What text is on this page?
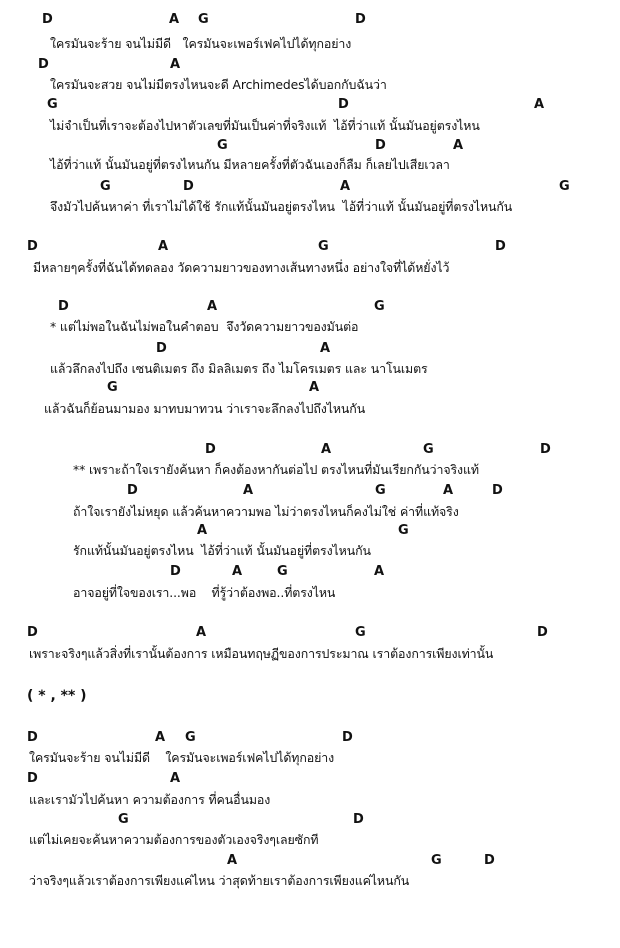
D

	A

G

	D

ใครมันจะร้าย จนไม่มีดี   ใครมันจะเพอร์เฟคไปได้ทุกอย่าง

D

	A

ใครมันจะสวย จนไม่มีตรงไหนจะดี Archimedesได้บอกกับฉันว่า

G

	D

	A

ไม่จำเป็นที่เราจะต้องไปหาตัวเลขที่มันเป็นค่าที่จริงแท้  ไอ้ที่ว่าแท้ นั้นมันอยู่ตรงไหน

G

	D

	A

ไอ้ที่ว่าแท้ นั้นมันอยู่ที่ตรงไหนกัน มีหลายครั้งที่ตัวฉันเองก็ลืม ก็เลยไปเสียเวลา

G

	D

	A

	G

จึงมัวไปค้นหาค่า ที่เราไม่ได้ใช้ รักแท้นั้นมันอยู่ตรงไหน  ไอ้ที่ว่าแท้ นั้นมันอยู่ที่ตรงไหนกัน

D

	A

	G

	D

มีหลายๆครั้งที่ฉันได้ทดลอง วัดความยาวของทางเส้นทางหนึ่ง อย่างใจที่ได้หยั่งไว้

D

	A

	G

* แต่ไม่พอในฉันไม่พอในคำตอบ  จึงวัดความยาวของมันต่อ

D

	A

แล้วลึกลงไปถึง เซนติเมตร ถึง มิลลิเมตร ถึง ไมโครเมตร และ นาโนเมตร

G

	A

แล้วฉันก็ย้อนมามอง มาทบมาทวน ว่าเราจะลึกลงไปถึงไหนกัน

D

	A

	G

	D

** เพราะถ้าใจเรายังค้นหา ก็คงต้องหากันต่อไป ตรงไหนที่มันเรียกกันว่าจริงแท้

D

	A

	G

	A

	D

ถ้าใจเรายังไม่หยุด แล้วค้นหาความพอ ไม่ว่าตรงไหนก็คงไม่ใช่ ค่าที่แท้จริง

A

	G

รักแท้นั้นมันอยู่ตรงไหน  ไอ้ที่ว่าแท้ นั้นมันอยู่ที่ตรงไหนกัน

D

	A

	G

	A

อาจอยู่ที่ใจของเรา...พอ    ที่รู้ว่าต้องพอ..ที่ตรงไหน

D

	A

	G

	D

เพราะจริงๆแล้วสิ่งที่เรานั้นต้องการ เหมือนทฤษฏีของการประมาณ เราต้องการเพียงเท่านั้น

( * , ** )

D

	A

G

	D

ใครมันจะร้าย จนไม่มีดี    ใครมันจะเพอร์เฟคไปได้ทุกอย่าง

D

	A

และเรามัวไปค้นหา ความต้องการ ที่คนอื่นมอง

G

	D

แต่ไม่เคยจะค้นหาความต้องการของตัวเองจริงๆเลยซักที

A

	G

	D

ว่าจริงๆแล้วเราต้องการเพียงแค่ไหน ว่าสุดท้ายเราต้องการเพียงแค่ไหนกัน
